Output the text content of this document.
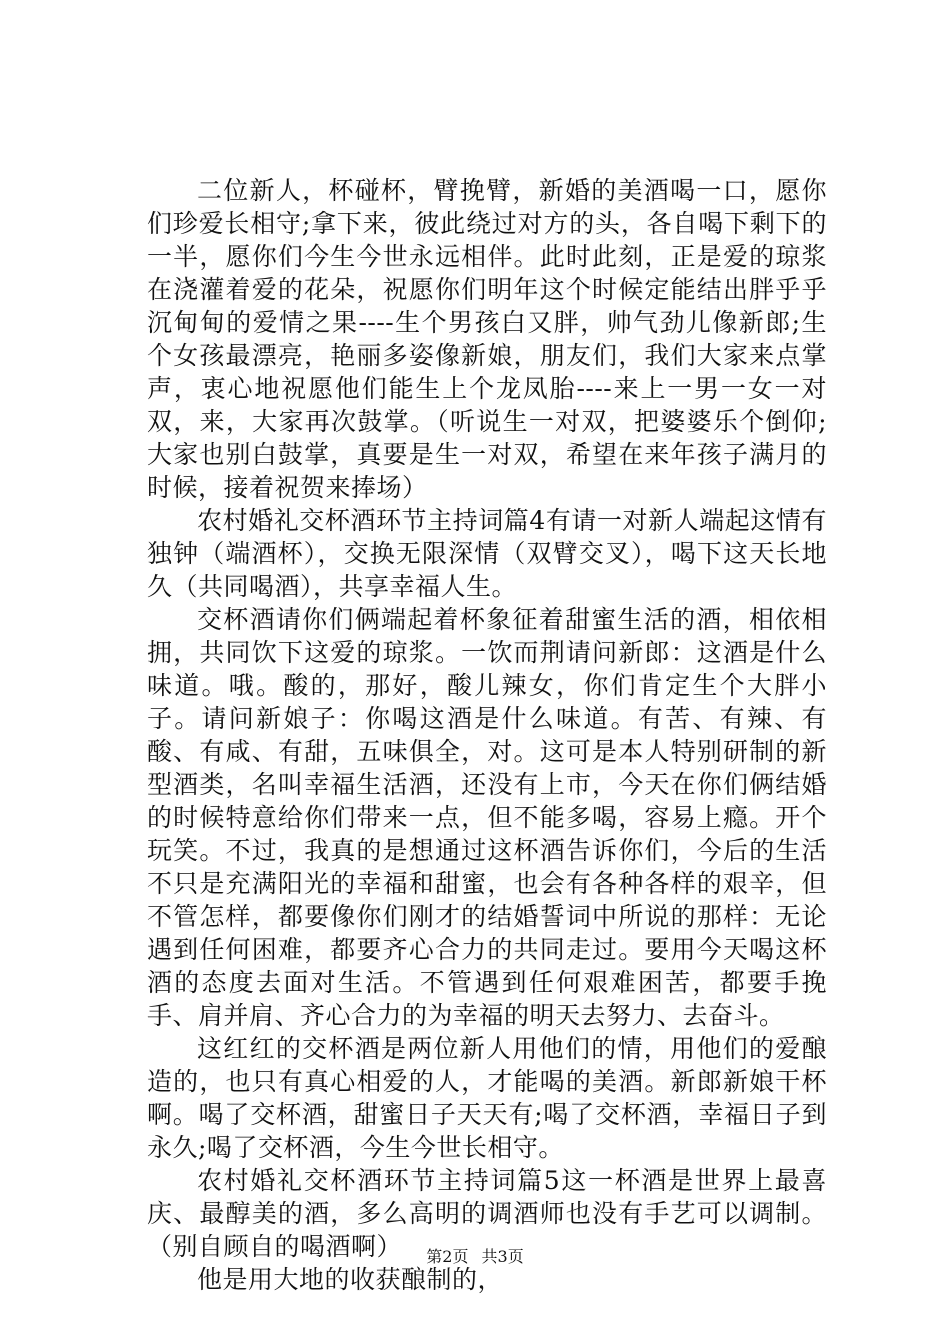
二位新人，杯碰杯，臂挽臂，新婚的美酒喝一口，愿你们珍爱长相守;拿下来，彼此绕过对方的头，各自喝下剩下的一半，愿你们今生今世永远相伴。此时此刻，正是爱的琼浆在浇灌着爱的花朵，祝愿你们明年这个时候定能结出胖乎乎沉甸甸的爱情之果----生个男孩白又胖，帅气劲儿像新郎;生个女孩最漂亮，艳丽多姿像新娘，朋友们，我们大家来点掌声，衷心地祝愿他们能生上个龙凤胎----来上一男一女一对双，来，大家再次鼓掌。（听说生一对双，把婆婆乐个倒仰;大家也别白鼓掌，真要是生一对双，希望在来年孩子满月的时候，接着祝贺来捧场）

农村婚礼交杯酒环节主持词篇4有请一对新人端起这情有独钟（端酒杯），交换无限深情（双臂交叉），喝下这天长地久（共同喝酒），共享幸福人生。

交杯酒请你们俩端起着杯象征着甜蜜生活的酒，相依相拥，共同饮下这爱的琼浆。一饮而荆请问新郎：这酒是什么味道。哦。酸的，那好，酸儿辣女，你们肯定生个大胖小子。请问新娘子：你喝这酒是什么味道。有苦、有辣、有酸、有咸、有甜，五味俱全，对。这可是本人特别研制的新型酒类，名叫幸福生活酒，还没有上市，今天在你们俩结婚的时候特意给你们带来一点，但不能多喝，容易上瘾。开个玩笑。不过，我真的是想通过这杯酒告诉你们，今后的生活不只是充满阳光的幸福和甜蜜，也会有各种各样的艰辛，但不管怎样，都要像你们刚才的结婚誓词中所说的那样：无论遇到任何困难，都要齐心合力的共同走过。要用今天喝这杯酒的态度去面对生活。不管遇到任何艰难困苦，都要手挽手、肩并肩、齐心合力的为幸福的明天去努力、去奋斗。

这红红的交杯酒是两位新人用他们的情，用他们的爱酿造的，也只有真心相爱的人，才能喝的美酒。新郎新娘干杯啊。喝了交杯酒，甜蜜日子天天有;喝了交杯酒，幸福日子到永久;喝了交杯酒，今生今世长相守。

农村婚礼交杯酒环节主持词篇5这一杯酒是世界上最喜庆、最醇美的酒，多么高明的调酒师也没有手艺可以调制。（别自顾自的喝酒啊）

他是用大地的收获酿制的，

第2页 共3页
